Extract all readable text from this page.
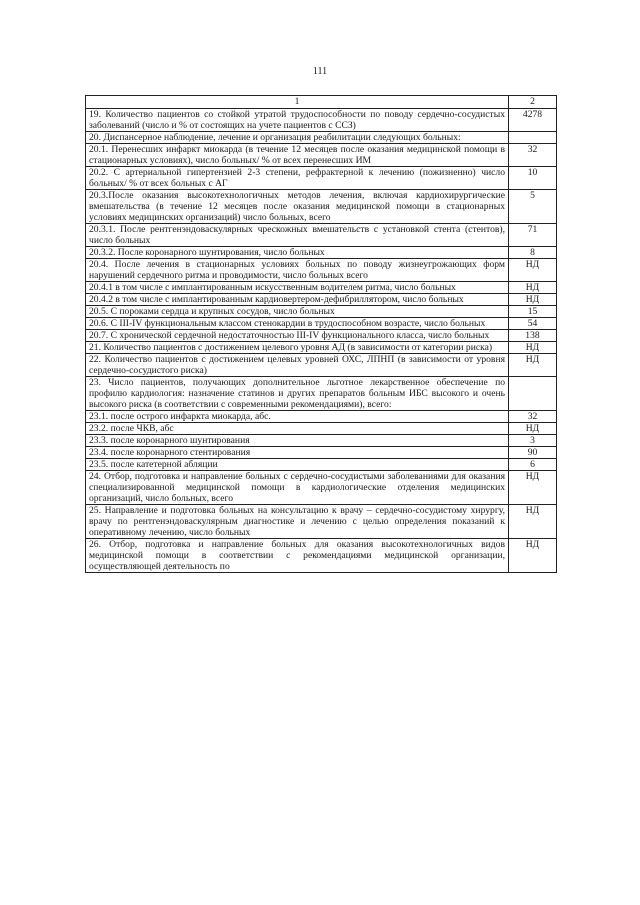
111
1	2
19. Количество пациентов со стойкой утратой трудоспособности по поводу сердечно-сосудистых заболеваний (число и % от состоящих на учете пациентов с ССЗ)	4278
20. Диспансерное наблюдение, лечение и организация реабилитации следующих больных:	
20.1. Перенесших инфаркт миокарда (в течение 12 месяцев после оказания медицинской помощи в стационарных условиях), число больных/ % от всех перенесших ИМ	32
20.2. С артериальной гипертензией 2-3 степени, рефрактерной к лечению (пожизненно) число больных/ % от всех больных с АГ	10
20.3.После оказания высокотехнологичных методов лечения, включая кардиохирургические вмешательства (в течение 12 месяцев после оказания медицинской помощи в стационарных условиях медицинских организаций) число больных, всего	5
20.3.1. После рентгенэндоваскулярных чрескожных вмешательств с установкой стента (стентов), число больных	71
20.3.2. После коронарного шунтирования, число больных	8
20.4. После лечения в стационарных условиях больных по поводу жизнеугрожающих форм нарушений сердечного ритма и проводимости, число больных всего	НД
20.4.1 в том числе с имплантированным искусственным водителем ритма, число больных	НД
20.4.2 в том числе с имплантированным кардиовертером-дефибриллятором, число больных	НД
20.5. С пороками сердца и крупных сосудов, число больных	15
20.6. С III-IV функциональным классом стенокардии в трудоспособном возрасте, число больных	54
20.7. С хронической сердечной недостаточностью III-IV функционального класса, число больных	138
21. Количество пациентов с достижением целевого уровня АД (в зависимости от категории риска)	НД
22. Количество пациентов с достижением целевых уровней ОХС, ЛПНП (в зависимости от уровня сердечно-сосудистого риска)	НД
23. Число пациентов, получающих дополнительное льготное лекарственное обеспечение по профилю кардиология: назначение статинов и других препаратов больным ИБС высокого и очень высокого риска (в соответствии с современными рекомендациями), всего:	
23.1. после острого инфаркта миокарда, абс.	32
23.2. после ЧКВ, абс	НД
23.3. после коронарного шунтирования	3
23.4. после коронарного стентирования	90
23.5. после катетерной абляции	6
24. Отбор, подготовка и направление больных с сердечно-сосудистыми заболеваниями для оказания специализированной медицинской помощи в кардиологические отделения медицинских организаций, число больных, всего	НД
25. Направление и подготовка больных на консультацию к врачу – сердечно-сосудистому хирургу, врачу по рентгенэндоваскулярным диагностике и лечению с целью определения показаний к оперативному лечению, число больных	НД
26. Отбор, подготовка и направление больных для оказания высокотехнологичных видов медицинской помощи в соответствии с рекомендациями медицинской организации, осуществляющей деятельность по	НД
